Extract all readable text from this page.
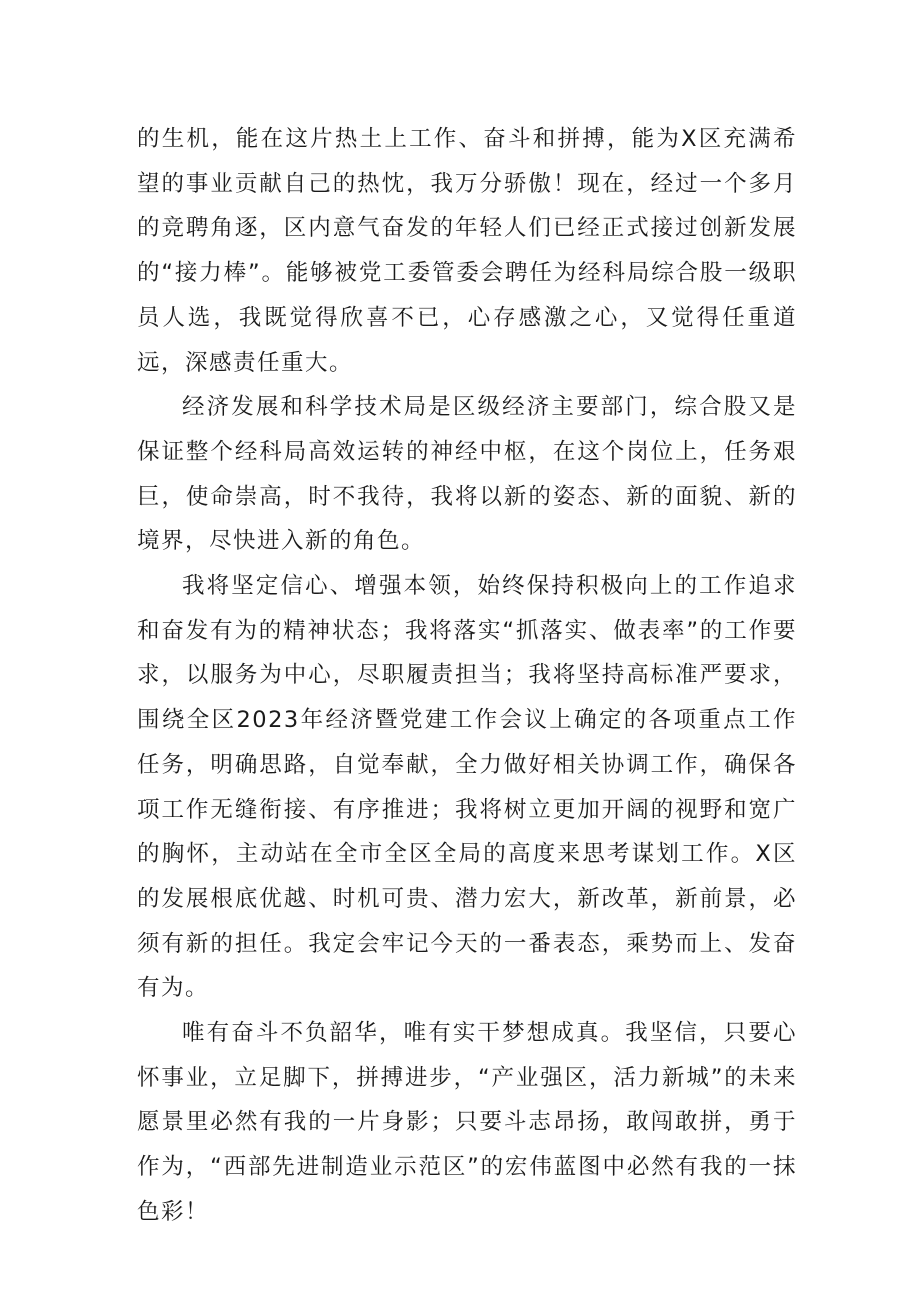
的生机，能在这片热土上工作、奋斗和拼搏，能为X区充满希望的事业贡献自己的热忱，我万分骄傲！现在，经过一个多月的竞聘角逐，区内意气奋发的年轻人们已经正式接过创新发展的“接力棒”。能够被党工委管委会聘任为经科局综合股一级职员人选，我既觉得欣喜不已，心存感激之心，又觉得任重道远，深感责任重大。

经济发展和科学技术局是区级经济主要部门，综合股又是保证整个经科局高效运转的神经中枢，在这个岗位上，任务艰巨，使命崇高，时不我待，我将以新的姿态、新的面貌、新的境界，尽快进入新的角色。

我将坚定信心、增强本领，始终保持积极向上的工作追求和奋发有为的精神状态；我将落实“抓落实、做表率”的工作要求，以服务为中心，尽职履责担当；我将坚持高标准严要求，围绕全区2023年经济暨党建工作会议上确定的各项重点工作任务，明确思路，自觉奉献，全力做好相关协调工作，确保各项工作无缝衔接、有序推进；我将树立更加开阔的视野和宽广的胸怀，主动站在全市全区全局的高度来思考谋划工作。X区的发展根底优越、时机可贵、潜力宏大，新改革，新前景，必须有新的担任。我定会牢记今天的一番表态，乘势而上、发奋有为。

唯有奋斗不负韶华，唯有实干梦想成真。我坚信，只要心怀事业，立足脚下，拼搏进步，“产业强区，活力新城”的未来愿景里必然有我的一片身影；只要斗志昂扬，敢闯敢拼，勇于作为，“西部先进制造业示范区”的宏伟蓝图中必然有我的一抹色彩！
